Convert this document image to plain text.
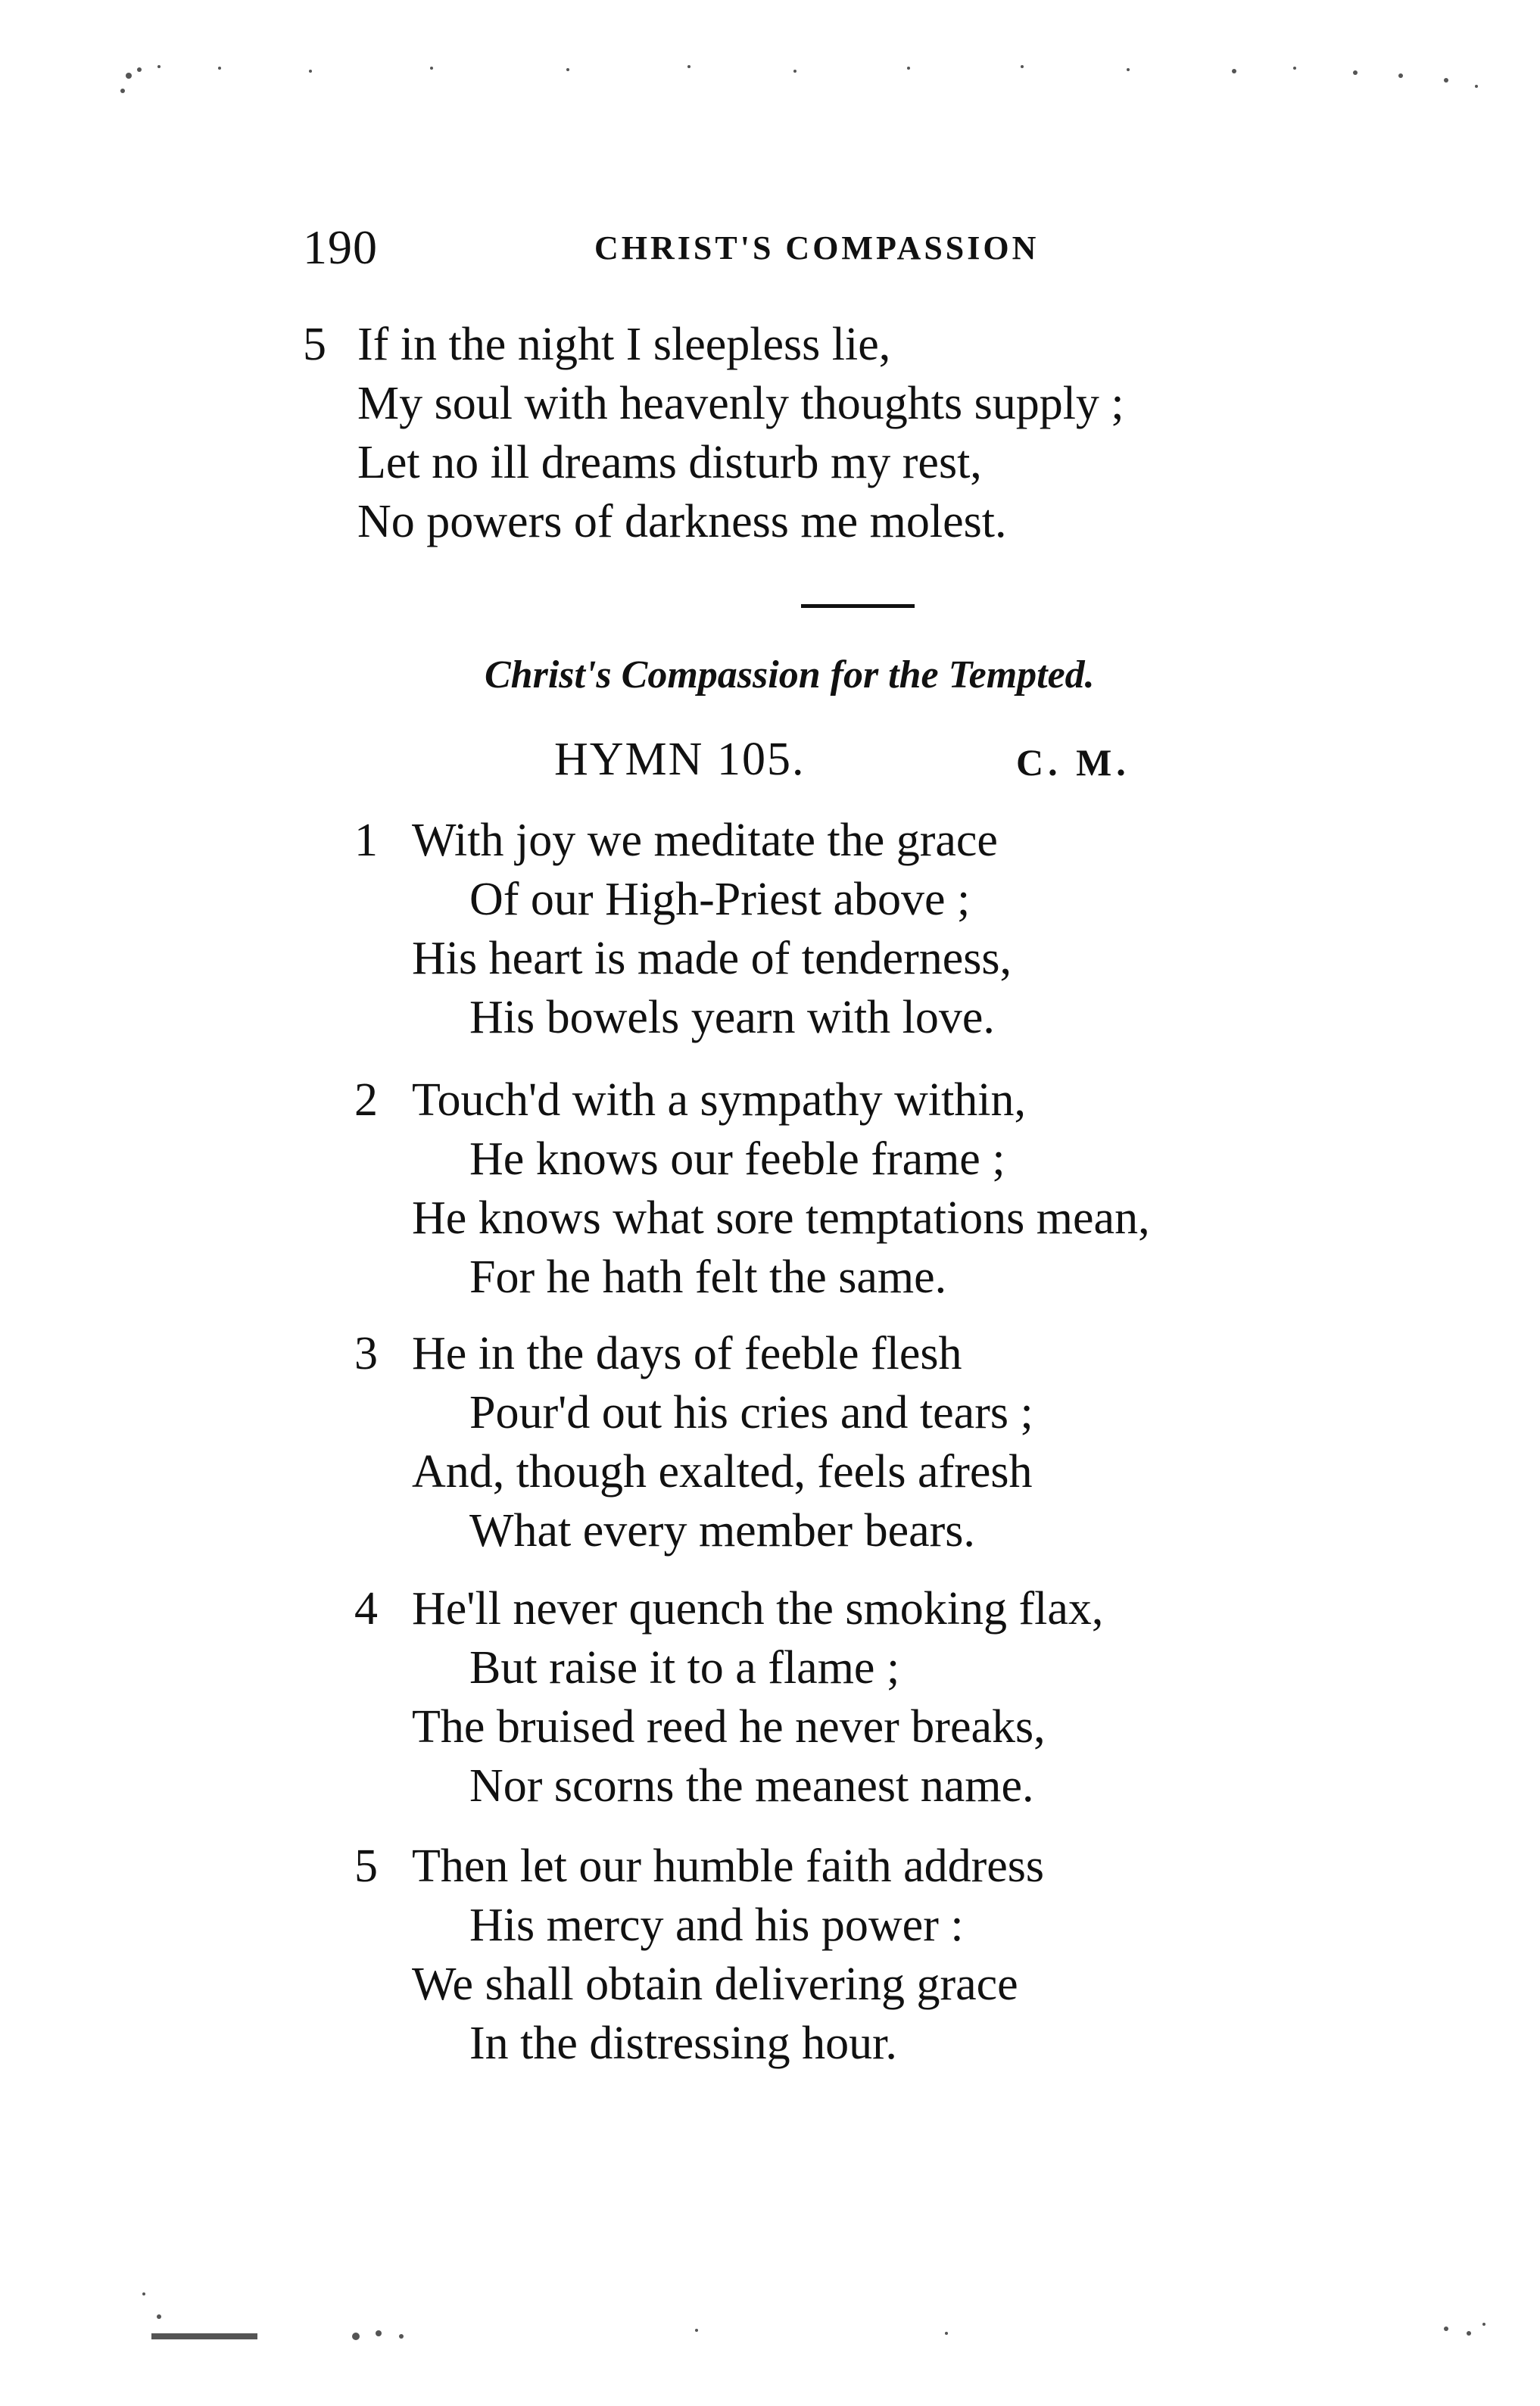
190	CHRIST'S COMPASSION
5 If in the night I sleepless lie,
My soul with heavenly thoughts supply ;
Let no ill dreams disturb my rest,
No powers of darkness me molest.
Christ's Compassion for the Tempted.
HYMN 105.	C. M.
1 With joy we meditate the grace
Of our High-Priest above ;
His heart is made of tenderness,
His bowels yearn with love.
2 Touch'd with a sympathy within,
He knows our feeble frame ;
He knows what sore temptations mean,
For he hath felt the same.
3 He in the days of feeble flesh
Pour'd out his cries and tears ;
And, though exalted, feels afresh
What every member bears.
4 He'll never quench the smoking flax,
But raise it to a flame ;
The bruised reed he never breaks,
Nor scorns the meanest name.
5 Then let our humble faith address
His mercy and his power :
We shall obtain delivering grace
In the distressing hour.
